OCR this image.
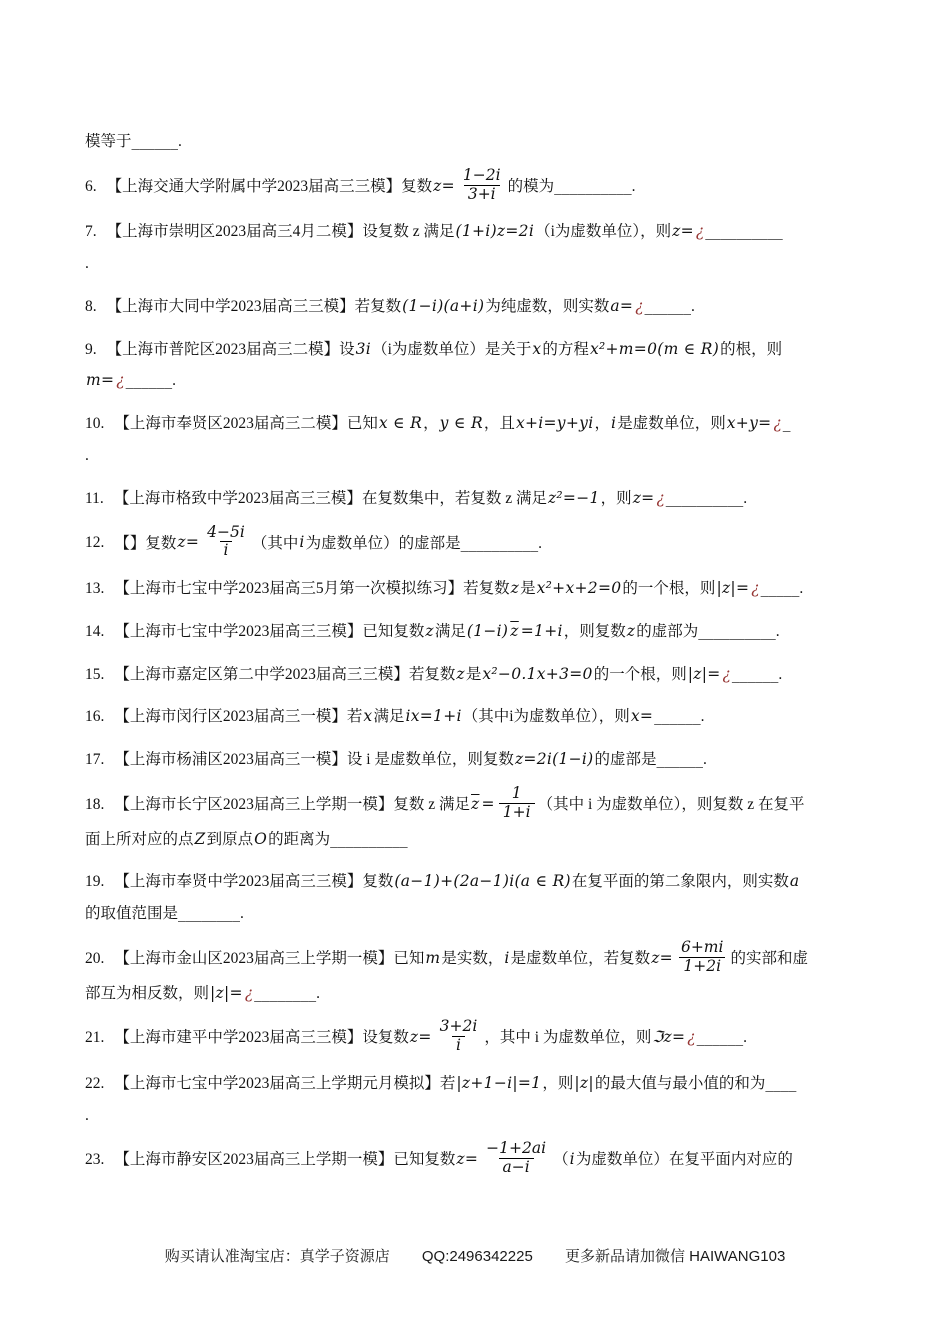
模等于______.

6. 【上海交通大学附属中学2023届高三三模】复数$z= \frac{1-2i}{3+i}$ 的模为__________.

7. 【上海市崇明区2023届高三4月二模】设复数 z 满足(1+i)z=2i（i为虚数单位），则z= ¿__________
.

8. 【上海市大同中学2023届高三三模】若复数(1−i)(a+i)为纯虚数，则实数a= ¿______.

9. 【上海市普陀区2023届高三二模】设3i（i为虚数单位）是关于x的方程x²+m=0(m ∈ R)的根，则
m= ¿______.

10. 【上海市奉贤区2023届高三二模】已知x ∈ R，y ∈ R，且x+i=y+yi，i是虚数单位，则x+y= ¿_
.

11. 【上海市格致中学2023届高三三模】在复数集中，若复数 z 满足z²=−1，则z= ¿__________.

12. 【】复数$z= \frac{4-5i}{i}$ （其中i为虚数单位）的虚部是__________.

13. 【上海市七宝中学2023届高三5月第一次模拟练习】若复数z是x²+x+2=0的一个根，则|z|= ¿_____.

14. 【上海市七宝中学2023届高三三模】已知复数z满足(1−i) $\overline{z} =1+i$，则复数z的虚部为__________.

15. 【上海市嘉定区第二中学2023届高三三模】若复数z是x²−0.1x+3=0的一个根，则|z|= ¿______.

16. 【上海市闵行区2023届高三一模】若x满足ix=1+i（其中i为虚数单位），则x=______.

17. 【上海市杨浦区2023届高三一模】设 i 是虚数单位，则复数z=2i(1−i)的虚部是______.

18. 【上海市长宁区2023届高三上学期一模】复数 z 满足$\overline{z} = \frac{1}{1+i}$ （其中 i 为虚数单位），则复数 z 在复平
面上所对应的点Z到原点O的距离为__________

19. 【上海市奉贤中学2023届高三三模】复数(a−1)+(2a−1)i(a ∈ R)在复平面的第二象限内，则实数a
的取值范围是________.

20. 【上海市金山区2023届高三上学期一模】已知m是实数，i是虚数单位，若复数$z= \frac{6+mi}{1+2i}$ 的实部和虚
部互为相反数，则|z|= ¿________.

21. 【上海市建平中学2023届高三三模】设复数$z= \frac{3+2i}{i}$ ，其中 i 为虚数单位，则ℑz= ¿______.

22. 【上海市七宝中学2023届高三上学期元月模拟】若|z+1−i|=1，则|z|的最大值与最小值的和为____
.

23. 【上海市静安区2023届高三上学期一模】已知复数$z= \frac{-1+2ai}{a-i} (i$为虚数单位）在复平面内对应的

购买请认准淘宝店：真学子资源店 QQ:2496342225 更多新品请加微信 HAIWANG103
